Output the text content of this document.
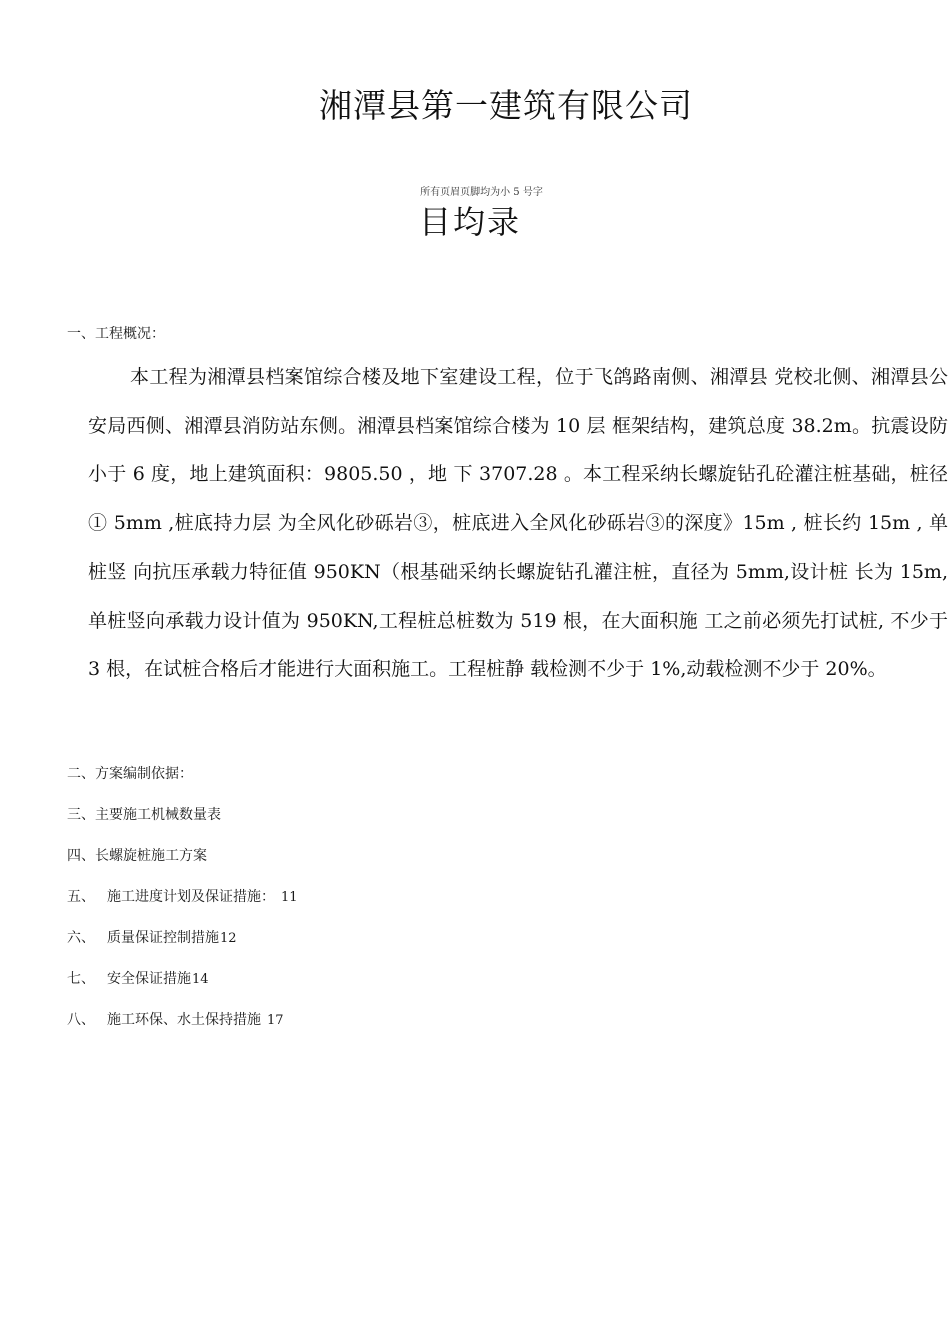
湘潭县第一建筑有限公司
所有页眉页脚均为小 5 号字
目均录
一、工程概况：
本工程为湘潭县档案馆综合楼及地下室建设工程，位于飞鸽路南侧、湘潭县 党校北侧、湘潭县公安局西侧、湘潭县消防站东侧。湘潭县档案馆综合楼为 10 层 框架结构，建筑总度 38.2m。抗震设防小于 6 度，地上建筑面积：9805.50 ，地 下 3707.28 。本工程采纳长螺旋钻孔砼灌注桩基础，桩径① 5mm ,桩底持力层 为全风化砂砾岩③，桩底进入全风化砂砾岩③的深度》15m , 桩长约 15m , 单桩竖 向抗压承载力特征值 950KN（根基础采纳长螺旋钻孔灌注桩，直径为 5mm,设计桩 长为 15m,单桩竖向承载力设计值为 950KN,工程桩总桩数为 519 根，在大面积施 工之前必须先打试桩, 不少于 3 根，在试桩合格后才能进行大面积施工。工程桩静 载检测不少于 1%,动载检测不少于 20%。
二、方案编制依据：
三、主要施工机械数量表
四、长螺旋桩施工方案
五、 施工进度计划及保证措施： 11
六、 质量保证控制措施12
七、 安全保证措施14
八、 施工环保、水土保持措施 17
